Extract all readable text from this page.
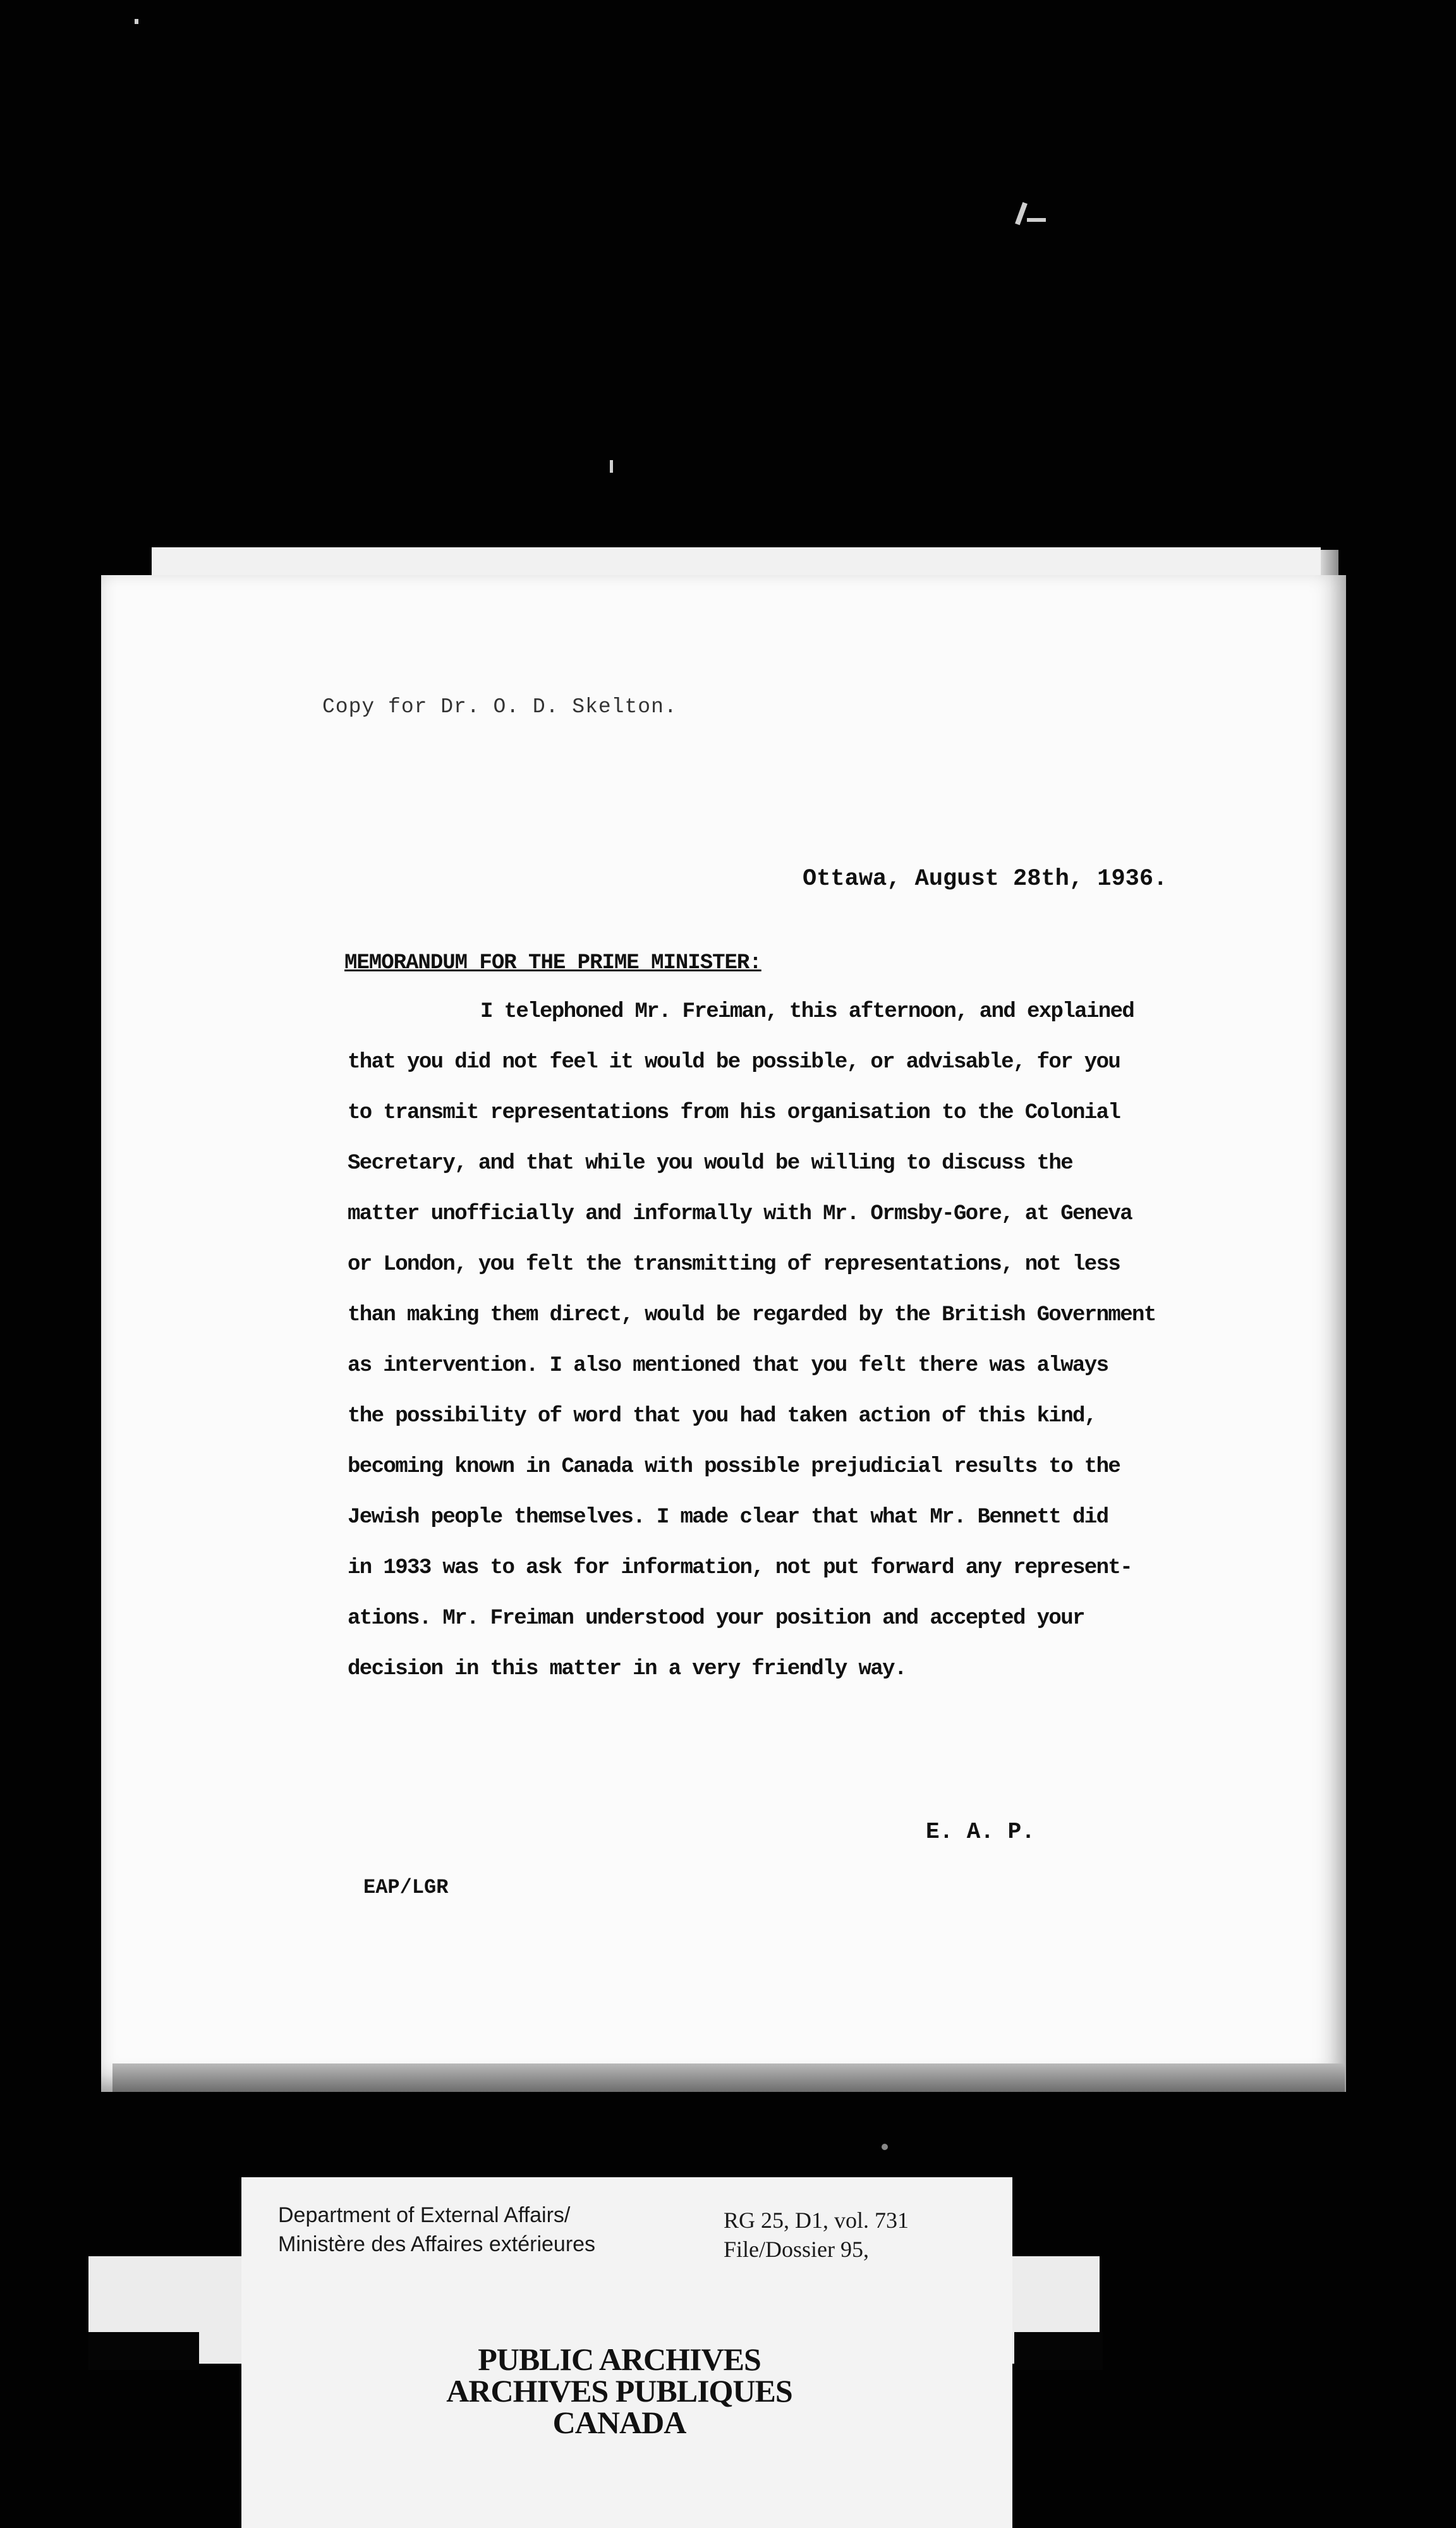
Copy for Dr. O. D. Skelton.
Ottawa, August 28th, 1936.
MEMORANDUM FOR THE PRIME MINISTER:
I telephoned Mr. Freiman, this afternoon, and explained
that you did not feel it would be possible, or advisable, for you
to transmit representations from his organisation to the Colonial
Secretary, and that while you would be willing to discuss the
matter unofficially and informally with Mr. Ormsby-Gore, at Geneva
or London, you felt the transmitting of representations, not less
than making them direct, would be regarded by the British Government
as intervention. I also mentioned that you felt there was always
the possibility of word that you had taken action of this kind,
becoming known in Canada with possible prejudicial results to the
Jewish people themselves. I made clear that what Mr. Bennett did
in 1933 was to ask for information, not put forward any represent-
ations. Mr. Freiman understood your position and accepted your
decision in this matter in a very friendly way.
E. A. P.
EAP/LGR
Department of External Affairs/
Ministère des Affaires extérieures
RG 25, D1, vol. 731
File/Dossier 95,
PUBLIC ARCHIVES
ARCHIVES PUBLIQUES
CANADA
